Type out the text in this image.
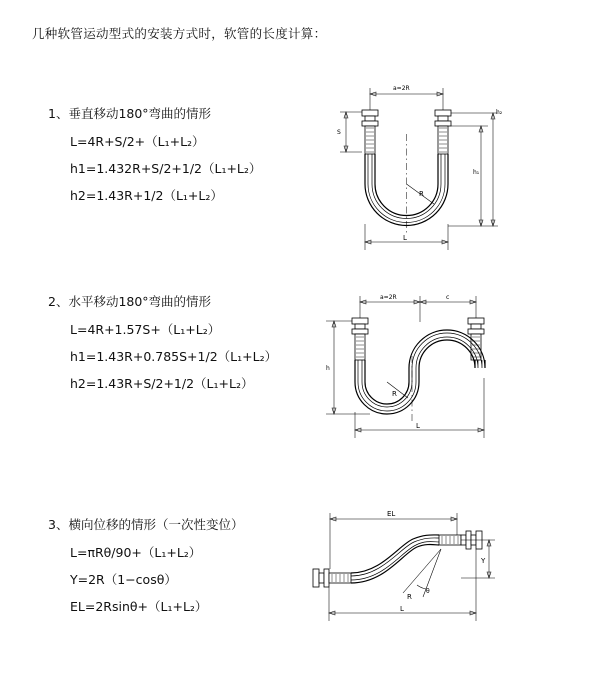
几种软管运动型式的安装方式时，软管的长度计算：
1、垂直移动180°弯曲的情形
L=4R+S/2+（L₁+L₂）
h1=1.432R+S/2+1/2（L₁+L₂）
h2=1.43R+1/2（L₁+L₂）
a=2R
R
S
h₂
h₁
L
2、水平移动180°弯曲的情形
L=4R+1.57S+（L₁+L₂）
h1=1.43R+0.785S+1/2（L₁+L₂）
h2=1.43R+S/2+1/2（L₁+L₂）
a=2R	c
R
h
L
3、横向位移的情形（一次性变位）
L=πRθ/90+（L₁+L₂）
Y=2R（1−cosθ）
EL=2Rsinθ+（L₁+L₂）
EL
θ
R
Y
L
